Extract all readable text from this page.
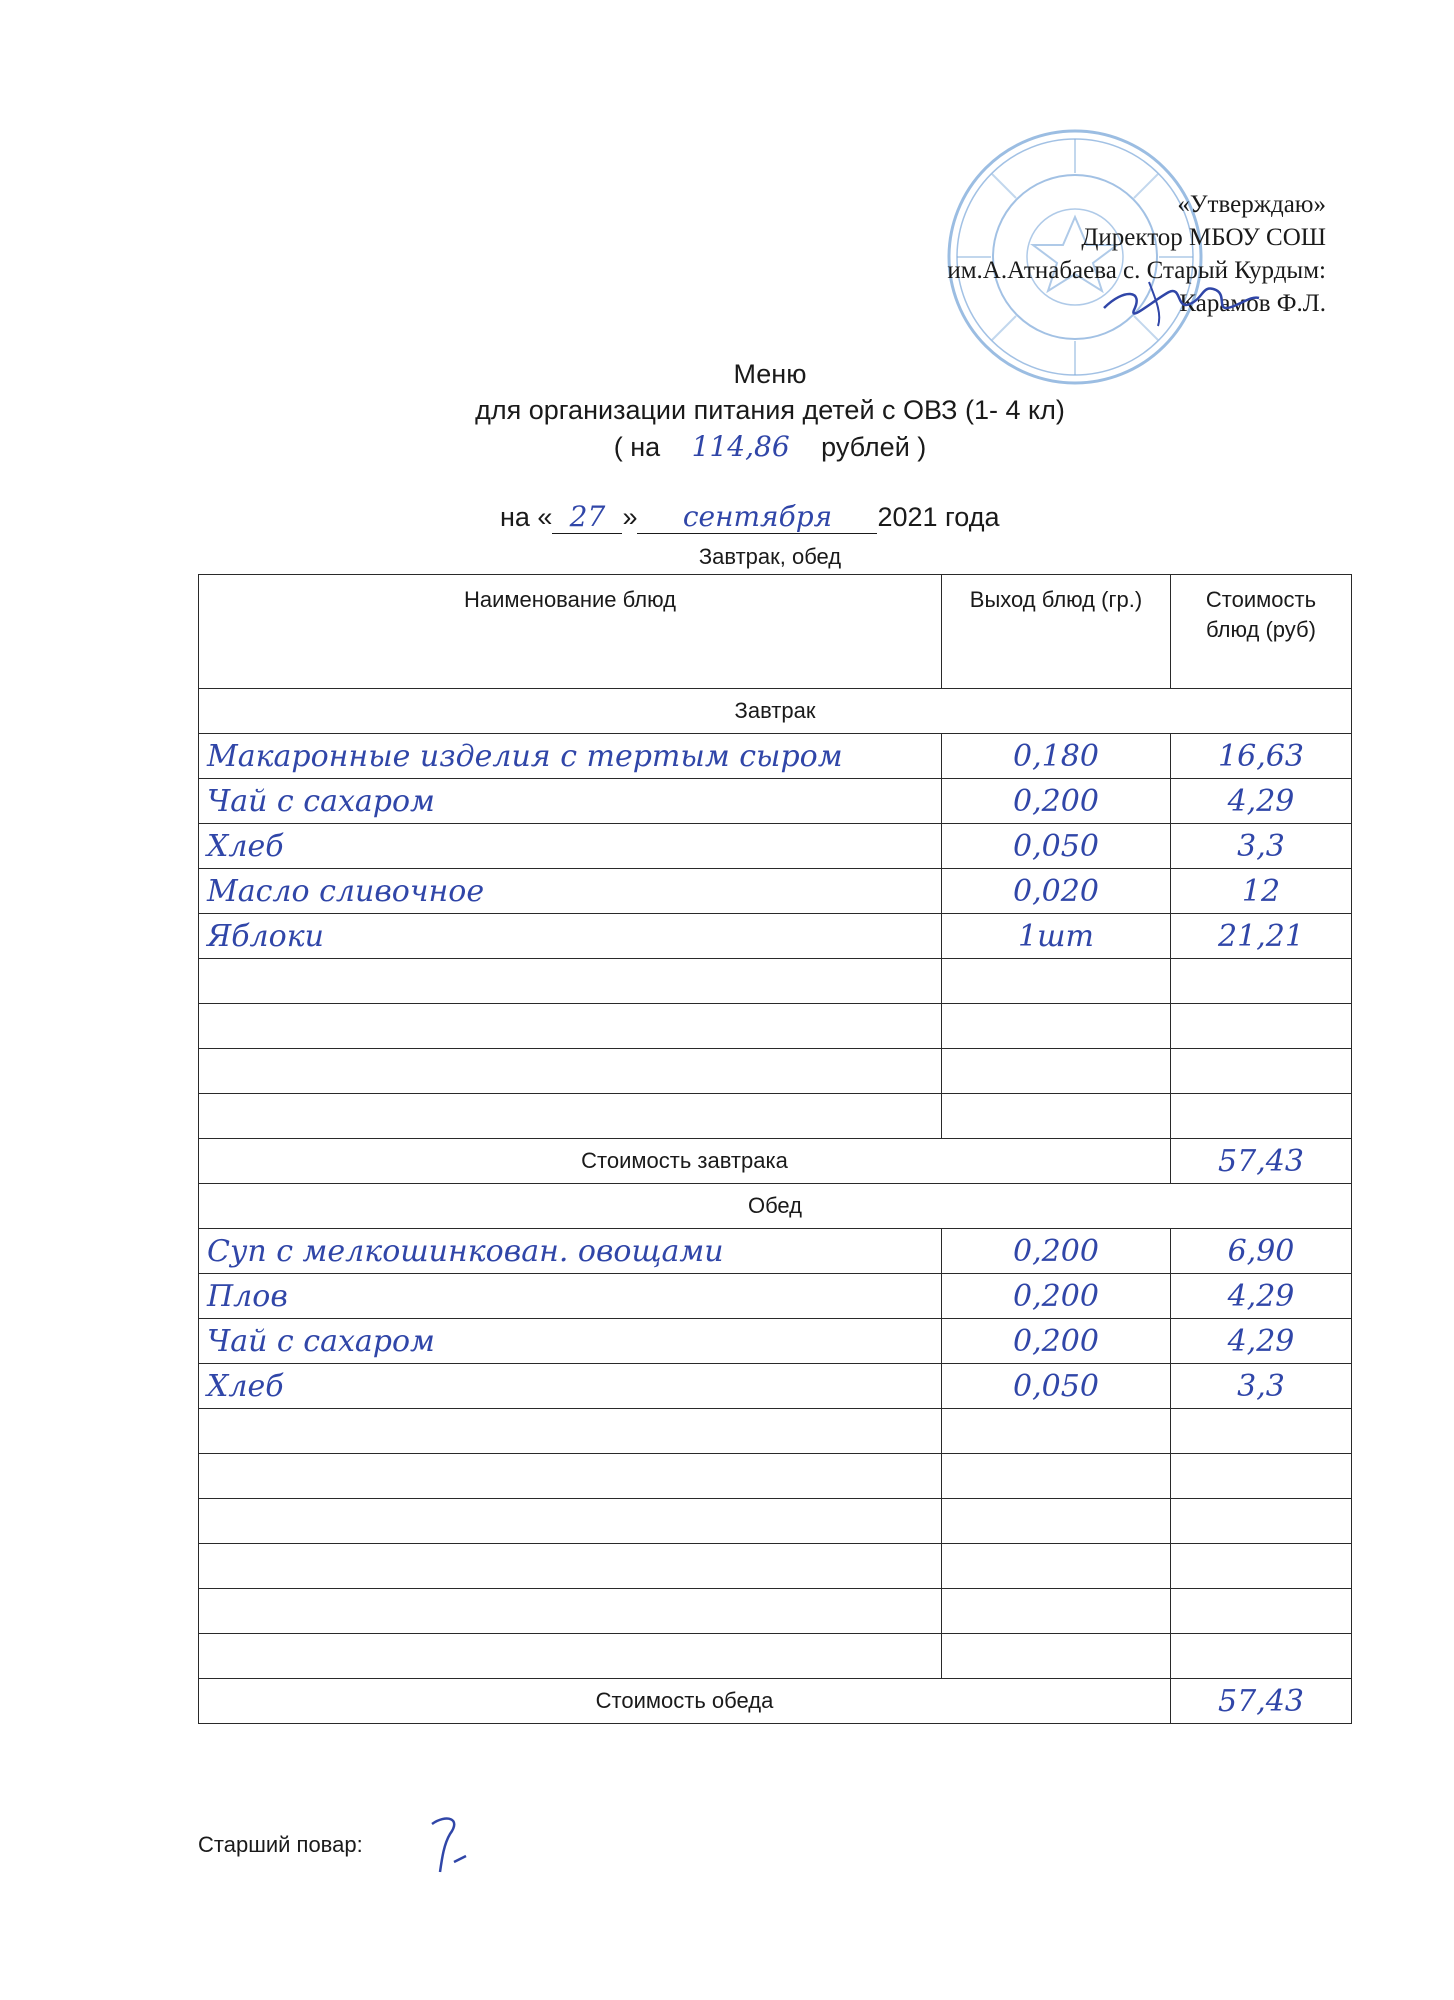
«Утверждаю»
Директор МБОУ СОШ
им.А.Атнабаева с. Старый Курдым:
Карамов Ф.Л.
Меню
для организации питания детей с ОВЗ (1- 4 кл)
( на 114,86 рублей )
на « 27 » сентября 2021 года
Завтрак, обед
Наименование блюд	Выход блюд (гр.)	Стоимость блюд (руб)
Завтрак		
Макаронные изделия с тертым сыром	0,180	16,63
Чай с сахаром	0,200	4,29
Хлеб	0,050	3,3
Масло сливочное	0,020	12
Яблоки	1шт	21,21

Стоимость завтрака		57,43
Обед		
Суп с мелкошинкован. овощами	0,200	6,90
Плов	0,200	4,29
Чай с сахаром	0,200	4,29
Хлеб	0,050	3,3

Стоимость обеда		57,43
Старший повар:
